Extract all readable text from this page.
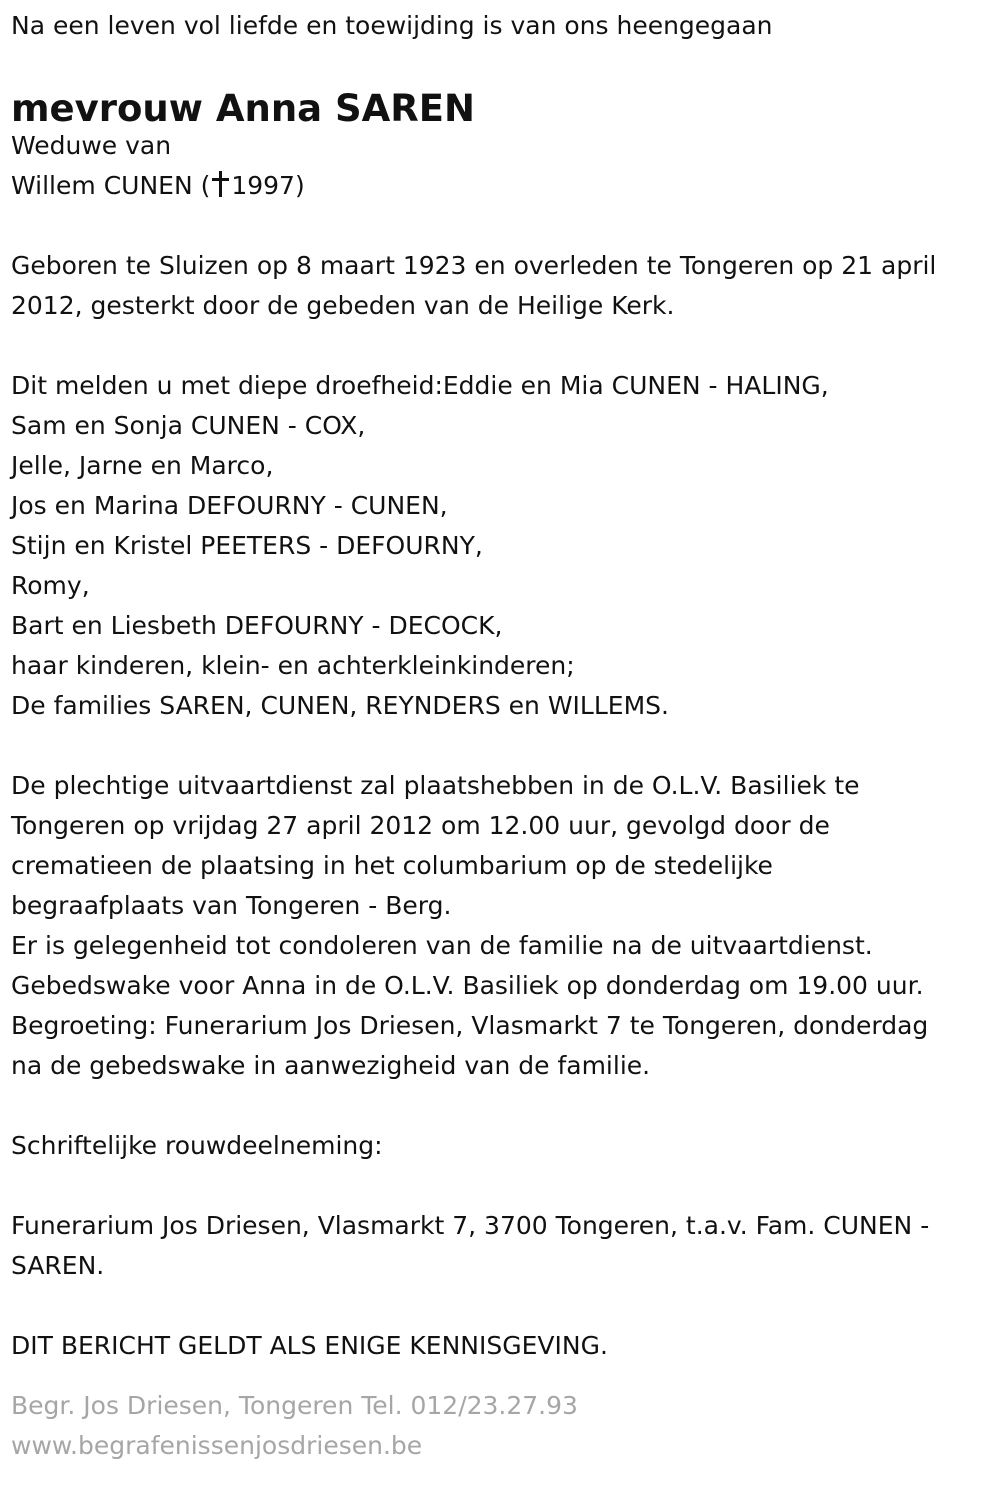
Na een leven vol liefde en toewijding is van ons heengegaan
mevrouw Anna SAREN
Weduwe van
Willem CUNEN ( 1997)
Geboren te Sluizen op 8 maart 1923 en overleden te Tongeren op 21 april
2012, gesterkt door de gebeden van de Heilige Kerk.
Dit melden u met diepe droefheid:Eddie en Mia CUNEN - HALING,
Sam en Sonja CUNEN - COX,
Jelle, Jarne en Marco,
Jos en Marina DEFOURNY - CUNEN,
Stijn en Kristel PEETERS - DEFOURNY,
Romy,
Bart en Liesbeth DEFOURNY - DECOCK,
haar kinderen, klein- en achterkleinkinderen;
De families SAREN, CUNEN, REYNDERS en WILLEMS.
De plechtige uitvaartdienst zal plaatshebben in de O.L.V. Basiliek te
Tongeren op vrijdag 27 april 2012 om 12.00 uur, gevolgd door de
crematieen de plaatsing in het columbarium op de stedelijke
begraafplaats van Tongeren - Berg.
Er is gelegenheid tot condoleren van de familie na de uitvaartdienst.
Gebedswake voor Anna in de O.L.V. Basiliek op donderdag om 19.00 uur.
Begroeting: Funerarium Jos Driesen, Vlasmarkt 7 te Tongeren, donderdag
na de gebedswake in aanwezigheid van de familie.
Schriftelijke rouwdeelneming:
Funerarium Jos Driesen, Vlasmarkt 7, 3700 Tongeren, t.a.v. Fam. CUNEN -
SAREN.
DIT BERICHT GELDT ALS ENIGE KENNISGEVING.
Begr. Jos Driesen, Tongeren Tel. 012/23.27.93
www.begrafenissenjosdriesen.be
